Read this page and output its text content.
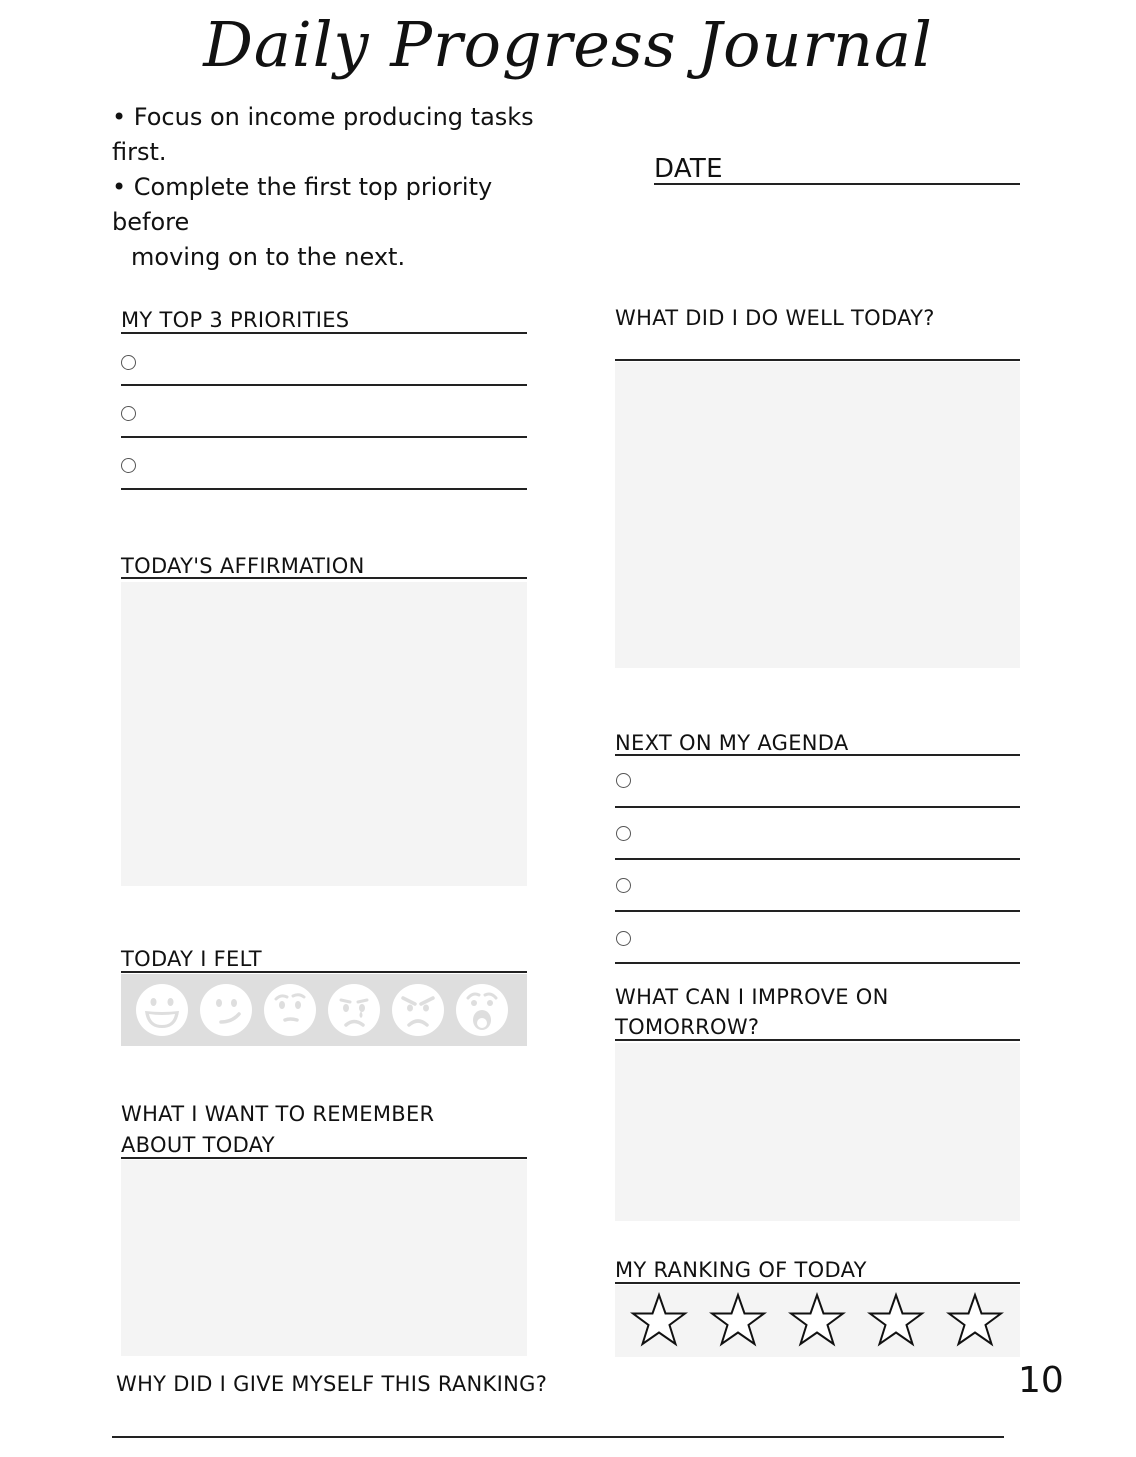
Daily Progress Journal
• Focus on income producing tasks first.
• Complete the first top priority before
moving on to the next.
DATE
MY TOP 3 PRIORITIES	WHAT DID I DO WELL TODAY?
TODAY'S AFFIRMATION
NEXT ON MY AGENDA
TODAY I FELT
WHAT CAN I IMPROVE ON
TOMORROW?
WHAT I WANT TO REMEMBER
ABOUT TODAY
MY RANKING OF TODAY
WHY DID I GIVE MYSELF THIS RANKING?	10
